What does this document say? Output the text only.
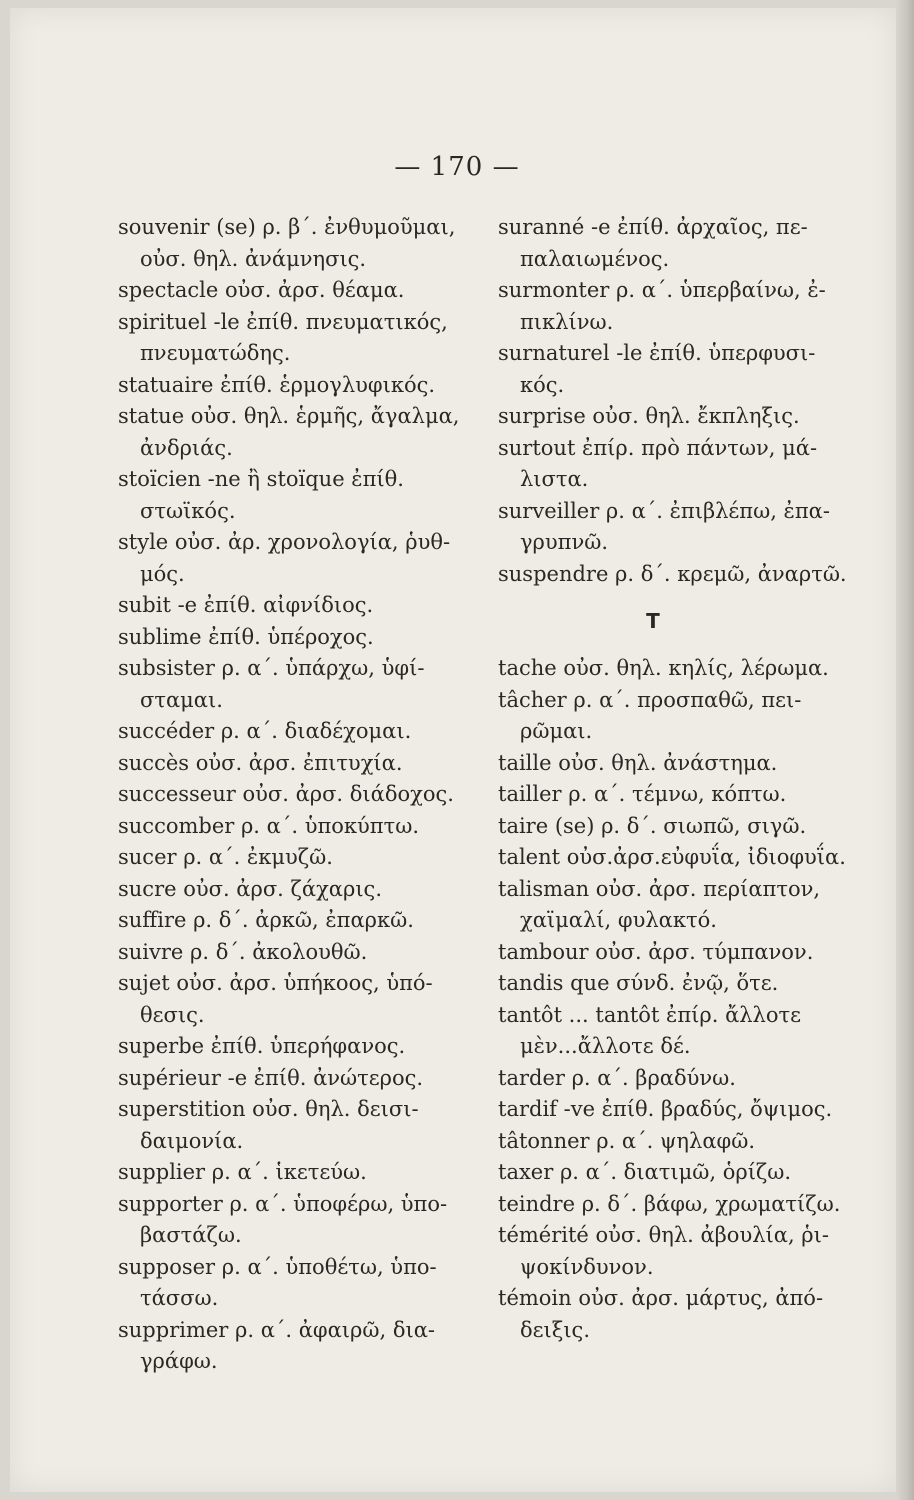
— 170 —
souvenir (se) ρ. β΄. ἐνθυμοῦμαι,
οὐσ. θηλ. ἀνάμνησις.
spectacle οὐσ. ἀρσ. θέαμα.
spirituel -le ἐπίθ. πνευματικός,
πνευματώδης.
statuaire ἐπίθ. ἑρμογλυφικός.
statue οὐσ. θηλ. ἑρμῆς, ἄγαλμα,
ἀνδριάς.
stoïcien -ne ἢ stoïque ἐπίθ.
στωϊκός.
style οὐσ. ἀρ. χρονολογία, ῥυθ-
μός.
subit -e ἐπίθ. αἰφνίδιος.
sublime ἐπίθ. ὑπέροχος.
subsister ρ. α΄. ὑπάρχω, ὑφί-
σταμαι.
succéder ρ. α΄. διαδέχομαι.
succès οὐσ. ἀρσ. ἐπιτυχία.
successeur οὐσ. ἀρσ. διάδοχος.
succomber ρ. α΄. ὑποκύπτω.
sucer ρ. α΄. ἐκμυζῶ.
sucre οὐσ. ἀρσ. ζάχαρις.
suffire ρ. δ΄. ἀρκῶ, ἐπαρκῶ.
suivre ρ. δ΄. ἀκολουθῶ.
sujet οὐσ. ἀρσ. ὑπήκοος, ὑπό-
θεσις.
superbe ἐπίθ. ὑπερήφανος.
supérieur -e ἐπίθ. ἀνώτερος.
superstition οὐσ. θηλ. δεισι-
δαιμονία.
supplier ρ. α΄. ἱκετεύω.
supporter ρ. α΄. ὑποφέρω, ὑπο-
βαστάζω.
supposer ρ. α΄. ὑποθέτω, ὑπο-
τάσσω.
supprimer ρ. α΄. ἀφαιρῶ, δια-
γράφω.
suranné -e ἐπίθ. ἀρχαῖος, πε-
παλαιωμένος.
surmonter ρ. α΄. ὑπερβαίνω, ἐ-
πικλίνω.
surnaturel -le ἐπίθ. ὑπερφυσι-
κός.
surprise οὐσ. θηλ. ἔκπληξις.
surtout ἐπίρ. πρὸ πάντων, μά-
λιστα.
surveiller ρ. α΄. ἐπιβλέπω, ἐπα-
γρυπνῶ.
suspendre ρ. δ΄. κρεμῶ, ἀναρτῶ.
T
tache οὐσ. θηλ. κηλίς, λέρωμα.
tâcher ρ. α΄. προσπαθῶ, πει-
ρῶμαι.
taille οὐσ. θηλ. ἀνάστημα.
tailler ρ. α΄. τέμνω, κόπτω.
taire (se) ρ. δ΄. σιωπῶ, σιγῶ.
talent οὐσ.ἀρσ.εὐφυΐα, ἰδιοφυΐα.
talisman οὐσ. ἀρσ. περίαπτον,
χαϊμαλί, φυλακτό.
tambour οὐσ. ἀρσ. τύμπανον.
tandis que σύνδ. ἐνῷ, ὅτε.
tantôt ... tantôt ἐπίρ. ἄλλοτε
μὲν...ἄλλοτε δέ.
tarder ρ. α΄. βραδύνω.
tardif -ve ἐπίθ. βραδύς, ὄψιμος.
tâtonner ρ. α΄. ψηλαφῶ.
taxer ρ. α΄. διατιμῶ, ὁρίζω.
teindre ρ. δ΄. βάφω, χρωματίζω.
témérité οὐσ. θηλ. ἀβουλία, ῥι-
ψοκίνδυνον.
témoin οὐσ. ἀρσ. μάρτυς, ἀπό-
δειξις.
